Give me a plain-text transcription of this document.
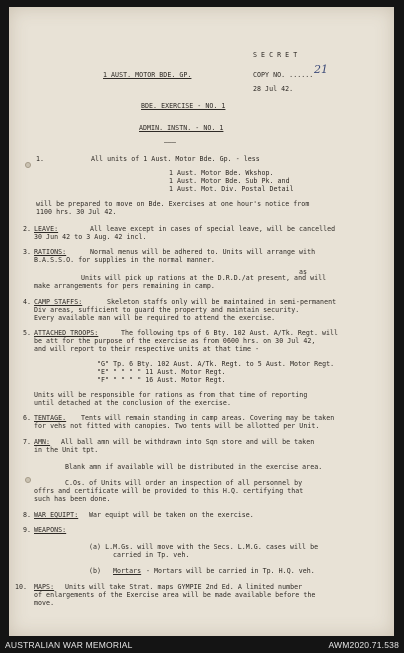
S E C R E T
1 AUST. MOTOR BDE. GP.	COPY NO. ...... 21
28 Jul 42.
BDE. EXERCISE - NO. 1
ADMIN. INSTN. - NO. 1
———
1.	All units of 1 Aust. Motor Bde. Gp. - less
1 Aust. Motor Bde. Wkshop.
1 Aust. Motor Bde. Sub Pk. and
1 Aust. Mot. Div. Postal Detail
will be prepared to move on Bde. Exercises at one hour's notice from
1100 hrs. 30 Jul 42.
2. LEAVE:	All leave except in cases of special leave, will be cancelled
30 Jun 42 to 3 Aug. 42 incl.
3. RATIONS:	Normal menus will be adhered to. Units will arrange with
B.A.S.S.O. for supplies in the normal manner.
as
Units will pick up rations at the D.R.D./at present, and will
make arrangements for pers remaining in camp.
4. CAMP STAFFS:	Skeleton staffs only will be maintained in semi-permanent
Div areas, sufficient to guard the property and maintain security.
Every available man will be required to attend the exercise.
5. ATTACHED TROOPS:	The following tps of 6 Bty. 102 Aust. A/Tk. Regt. will
be att for the purpose of the exercise as from 0600 hrs. on 30 Jul 42,
and will report to their respective units at that time -
"G" Tp. 6 Bty. 102 Aust. A/Tk. Regt. to 5 Aust. Motor Regt.
"E" " " " " 11 Aust. Motor Regt.
"F" " " " " 16 Aust. Motor Regt.
Units will be responsible for rations as from that time of reporting
until detached at the conclusion of the exercise.
6. TENTAGE. Tents will remain standing in camp areas. Covering may be taken
for vehs not fitted with canopies. Two tents will be allotted per Unit.
7. AMN: All ball amn will be withdrawn into Sqn store and will be taken
in the Unit tpt.
Blank amn if available will be distributed in the exercise area.
C.Os. of Units will order an inspection of all personnel by
offrs and certificate will be provided to this H.Q. certifying that
such has been done.
8. WAR EQUIPT: War equipt will be taken on the exercise.
9. WEAPONS:
(a) L.M.Gs. will move with the Secs. L.M.G. cases will be
carried in Tp. veh.
(b) Mortars - Mortars will be carried in Tp. H.Q. veh.
10. MAPS: Units will take Strat. maps GYMPIE 2nd Ed. A limited number
of enlargements of the Exercise area will be made available before the
move.
AUSTRALIAN WAR MEMORIAL	AWM2020.71.538
